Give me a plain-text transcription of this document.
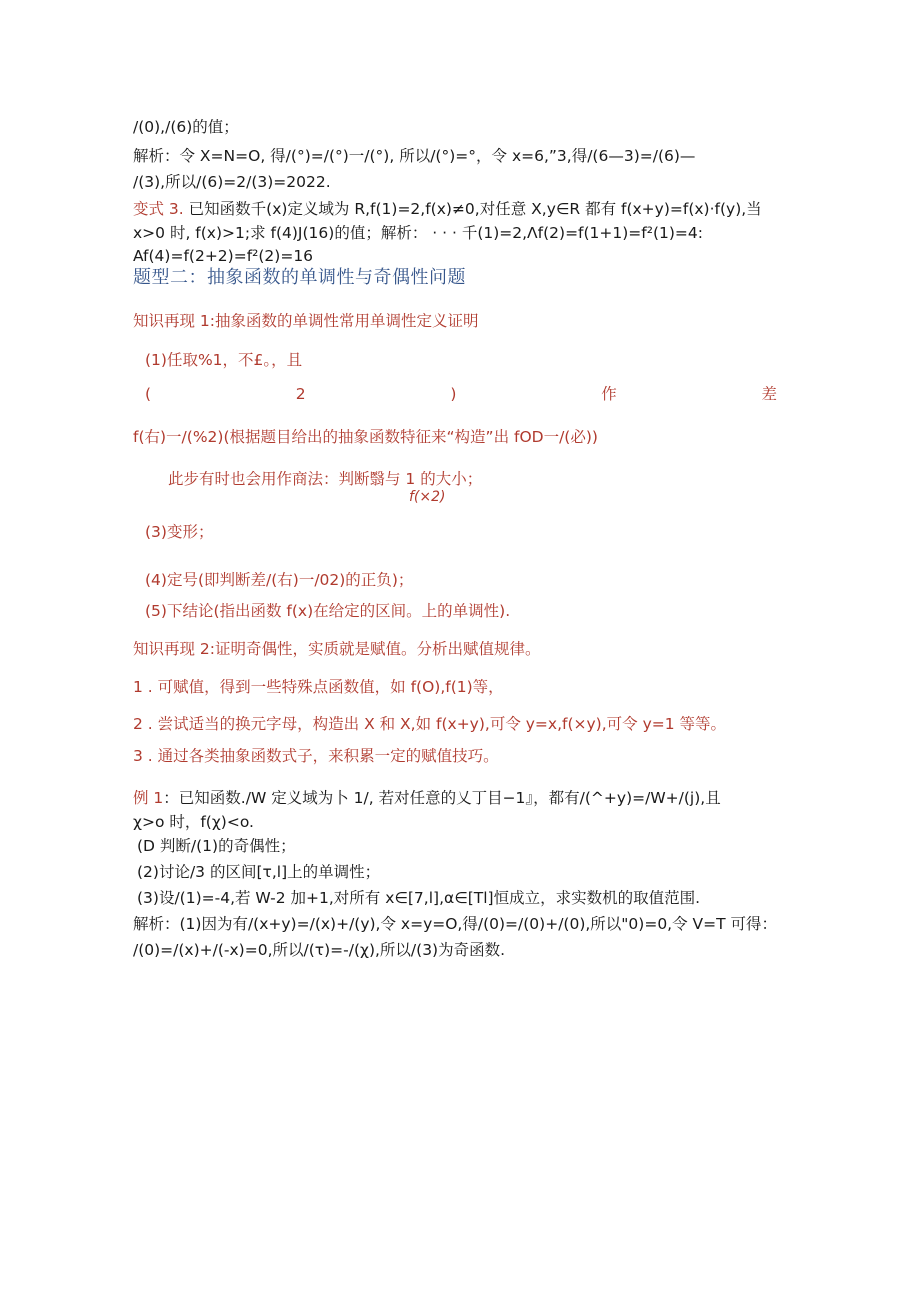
/(0),/(6)的值；
解析：令 X=N=O, 得/(°)=/(°)一/(°), 所以/(°)=°，令 x=6,”3,得/(6—3)=/(6)—
/(3),所以/(6)=2/(3)=2022.
变式 3. 已知函数千(x)定义域为 R,f(1)=2,f(x)≠0,对任意 X,y∈R 都有 f(x+y)=f(x)·f(y),当
x>0 时, f(x)>1;求 f(4)J(16)的值；解析： · · · 千(1)=2,Λf(2)=f(1+1)=f²(1)=4:
Af(4)=f(2+2)=f²(2)=16
题型二：抽象函数的单调性与奇偶性问题
知识再现 1:抽象函数的单调性常用单调性定义证明
(1)任取%1，不£。，且
(	2	)	作	差
f(右)一/(%2)(根据题目给出的抽象函数特征来“构造”出 fOD一/(必))
此步有时也会用作商法：判断翳与 1 的大小；
f(×2)
(3)变形；
(4)定号(即判断差/(右)一/02)的正负)；
(5)下结论(指出函数 f(x)在给定的区间。上的单调性).
知识再现 2:证明奇偶性，实质就是赋值。分析出赋值规律。
1 . 可赋值，得到一些特殊点函数值，如 f(O),f(1)等，
2 . 尝试适当的换元字母，构造出 X 和 X,如 f(x+y),可令 y=x,f(×y),可令 y=1 等等。
3 . 通过各类抽象函数式子，来积累一定的赋值技巧。
例 1：已知函数./W 定义域为卜 1/, 若对任意的乂丁目−1』，都有/(^+y)=/W+/(j),且
χ>o 时，f(χ)<o.
(D 判断/(1)的奇偶性；
(2)讨论/3 的区间[τ,l]上的单调性；
(3)设/(1)=-4,若 W-2 加+1,对所有 x∈[7,l],α∈[Tl]恒成立，求实数机的取值范围.
解析：(1)因为有/(x+y)=/(x)+/(y),令 x=y=O,得/(0)=/(0)+/(0),所以"0)=0,令 V=T 可得：
/(0)=/(x)+/(-x)=0,所以/(τ)=-/(χ),所以/(3)为奇函数.
